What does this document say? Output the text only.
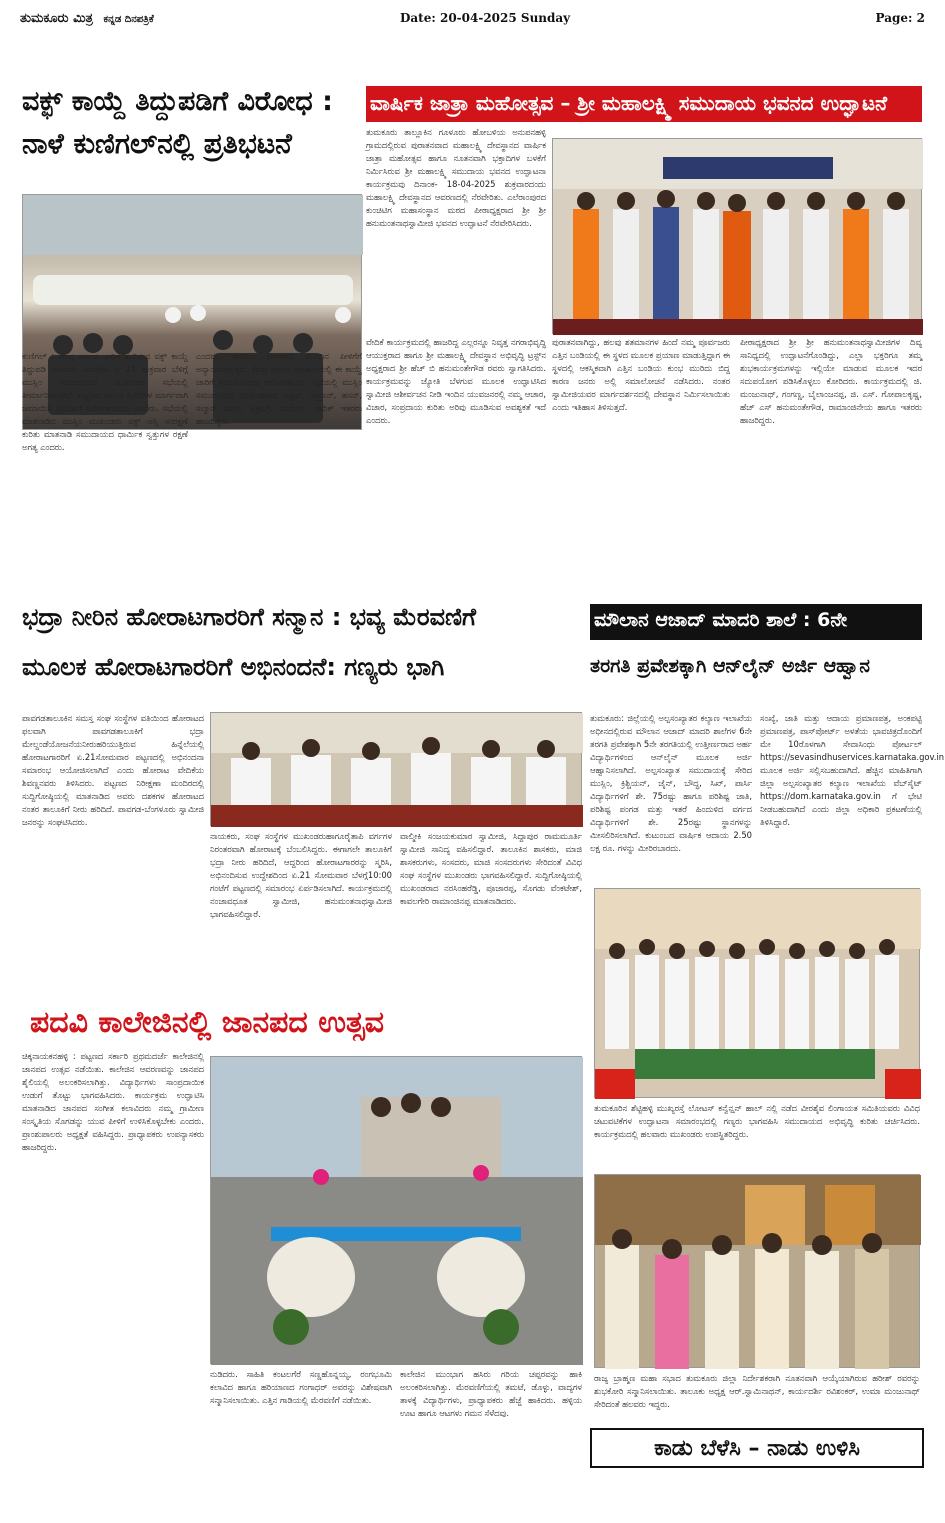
ತುಮಕೂರು ಮಿತ್ರ ಕನ್ನಡ ದಿನಪತ್ರಿಕೆ	Date: 20-04-2025 Sunday	Page: 2
ವಕ್ಫ್ ಕಾಯ್ದೆ ತಿದ್ದುಪಡಿಗೆ ವಿರೋಧ :
ನಾಳೆ ಕುಣಿಗಲ್‌ನಲ್ಲಿ ಪ್ರತಿಭಟನೆ
ಕುಣಿಗಲ್ : ಕೇಂದ್ರ ಸರ್ಕಾರ ಜಾರಿಗೆ ತಂದಿರುವ ವಕ್ಫ್ ಕಾಯ್ದೆ ತಿದ್ದುಪಡಿ ಮಸೂದೆ ವಿರೋಧಿಸಿ ಏ 21 ಶುಕ್ರವಾರ ಬೆಳಿಗ್ಗೆ ಮುಸ್ಲಿಂ ಸಮುದಾಯದ ಮುಖಂಡರ ಸಭೆಯಲ್ಲಿ ತೀರ್ಮಾನಿಸಲಾಗಿದೆ. ಪಟ್ಟಣದ ಸರ್ಕಾರಿ ಕಚೇರಿಗಳ ಮಾರ್ಗವಾಗಿ ಜಮಾಯಿಸಿ ಪ್ರತಿಭಟನೆ ನಡೆಸಲಾಗುವುದು ಎಂದರು. ಸಭೆಯಲ್ಲಿ ಮಾತನಾಡಿದ ಮುಸ್ಲಿಂ ಮುಖಂಡರು ವಕ್ಫ್ ಆಸ್ತಿ ಸಂರಕ್ಷಣೆ ಕುರಿತು ಮಾತನಾಡಿ ಸಮುದಾಯದ ಧಾರ್ಮಿಕ ಸ್ವತ್ತುಗಳ ರಕ್ಷಣೆ ಅಗತ್ಯ ಎಂದರು.
ಎಂದರು. ಇದರಿಂದ ಜನಾಂಗದ ಮುಂದಿನ ಪೀಳಿಗೆಗೆ ಅನ್ಯಾಯವಾಗುತ್ತದೆ. ಕೇಂದ್ರ ಸರ್ಕಾರ ತರಾತುರಿಯಲ್ಲಿ ಈ ಕಾಯ್ದೆ ಜಾರಿಗೆ ತಂದಿದೆ ಎಂದು ಆರೋಪಿಸಿದರು. ಸಭೆಯಲ್ಲಿ ಮುಸ್ಲಿಂ ಸಮುದಾಯದ ಮುಖಂಡರಾದ ಅನ್ವರ್, ಇಮ್ರಾನ್, ಹಸನ್, ಸಲ್ಮಾನ್ ಖಾನ್, ಅಕ್ರಮ್, ಮುಬೀನ್, ಸಾದಿಕ್ ಇತರರು ಹಾಜರಿದ್ದರು.
ವಾರ್ಷಿಕ ಜಾತ್ರಾ ಮಹೋತ್ಸವ – ಶ್ರೀ ಮಹಾಲಕ್ಷ್ಮಿ ಸಮುದಾಯ ಭವನದ ಉದ್ಘಾಟನೆ
ತುಮಕೂರು ತಾಲ್ಲೂಕಿನ ಗೂಳೂರು ಹೋಬಳಿಯ ಅನುಪನಹಳ್ಳಿ ಗ್ರಾಮದಲ್ಲಿರುವ ಪುರಾತನವಾದ ಮಹಾಲಕ್ಷ್ಮಿ ದೇವಸ್ಥಾನದ ವಾರ್ಷಿಕ ಜಾತ್ರಾ ಮಹೋತ್ಸವ ಹಾಗೂ ನೂತನವಾಗಿ ಭಕ್ತಾದಿಗಳ ಬಳಕೆಗೆ ನಿರ್ಮಿಸಿರುವ ಶ್ರೀ ಮಹಾಲಕ್ಷ್ಮಿ ಸಮುದಾಯ ಭವನದ ಉದ್ಘಾಟನಾ ಕಾರ್ಯಕ್ರಮವು ದಿನಾಂಕ- 18-04-2025 ಶುಕ್ರವಾರದಂದು ಮಹಾಲಕ್ಷ್ಮಿ ದೇವಸ್ಥಾನದ ಆವರಣದಲ್ಲಿ ನೆರವೇರಿತು. ಎಲೆರಾಂಪುರದ ಕುಂಚಿಟಿಗ ಮಹಾಸಂಸ್ಥಾನ ಮಠದ ಪೀಠಾಧ್ಯಕ್ಷರಾದ ಶ್ರೀ ಶ್ರೀ ಹನುಮಂತನಾಥಸ್ವಾಮೀಜಿ ಭವನದ ಉದ್ಘಾಟನೆ ನೆರವೇರಿಸಿದರು.
ವೇದಿಕೆ ಕಾರ್ಯಕ್ರಮದಲ್ಲಿ ಹಾಜರಿದ್ದ ಎಲ್ಲರನ್ನೂ ನಿವೃತ್ತ ನಗರಾಭಿವೃದ್ಧಿ ಆಯುಕ್ತರಾದ ಹಾಗೂ ಶ್ರೀ ಮಹಾಲಕ್ಷ್ಮಿ ದೇವಸ್ಥಾನ ಅಭಿವೃದ್ಧಿ ಟ್ರಸ್ಟ್‌ನ ಅಧ್ಯಕ್ಷರಾದ ಶ್ರೀ ಹೆಚ್ ಬಿ ಹನುಮಂತೇಗೌಡ ರವರು ಸ್ವಾಗತಿಸಿದರು. ಕಾರ್ಯಕ್ರಮವನ್ನು ಜ್ಯೋತಿ ಬೆಳಗುವ ಮೂಲಕ ಉದ್ಘಾಟಿಸಿದ ಸ್ವಾಮೀಜಿ ಆಶೀರ್ವಚನ ನೀಡಿ ಇಂದಿನ ಯುವಜನರಲ್ಲಿ ನಮ್ಮ ಆಚಾರ, ವಿಚಾರ, ಸಂಪ್ರದಾಯ ಕುರಿತು ಅರಿವು ಮೂಡಿಸುವ ಅವಶ್ಯಕತೆ ಇದೆ ಎಂದರು.
ಪುರಾತನವಾಗಿದ್ದು, ಹಲವು ಶತಮಾನಗಳ ಹಿಂದೆ ನಮ್ಮ ಪೂರ್ವಜರು ಎತ್ತಿನ ಬಂಡಿಯಲ್ಲಿ ಈ ಸ್ಥಳದ ಮೂಲಕ ಪ್ರಯಾಣ ಮಾಡುತ್ತಿದ್ದಾಗ ಈ ಸ್ಥಳದಲ್ಲಿ ಆಕಸ್ಮಿಕವಾಗಿ ಎತ್ತಿನ ಬಂಡಿಯ ಕುಂಭ ಮುರಿದು ಬಿದ್ದ ಕಾರಣ ಜನರು ಅಲ್ಲಿ ಸಮಾಲೋಚನೆ ನಡೆಸಿದರು. ನಂತರ ಸ್ವಾಮೀಜಿಯವರ ಮಾರ್ಗದರ್ಶನದಲ್ಲಿ ದೇವಸ್ಥಾನ ನಿರ್ಮಿಸಲಾಯಿತು ಎಂದು ಇತಿಹಾಸ ತಿಳಿಸುತ್ತದೆ.
ಪೀಠಾಧ್ಯಕ್ಷರಾದ ಶ್ರೀ ಶ್ರೀ ಹನುಮಂತನಾಥಸ್ವಾಮೀಜಿಗಳ ದಿವ್ಯ ಸಾನಿಧ್ಯದಲ್ಲಿ ಉದ್ಘಾಟನೆಗೊಂಡಿದ್ದು, ಎಲ್ಲಾ ಭಕ್ತರಿಗೂ ತಮ್ಮ ಶುಭಕಾರ್ಯಕ್ರಮಗಳನ್ನು ಇಲ್ಲಿಯೇ ಮಾಡುವ ಮೂಲಕ ಇದರ ಸದುಪಯೋಗ ಪಡಿಸಿಕೊಳ್ಳಲು ಕೋರಿದರು. ಕಾರ್ಯಕ್ರಮದಲ್ಲಿ ಜಿ. ಮಂಜುನಾಥ್, ಗಂಗಣ್ಣ, ಬೈಲಾಂಜನಪ್ಪ, ಜಿ. ಎಸ್. ಗೋಪಾಲಕೃಷ್ಣ, ಹೆಚ್ ಎಸ್ ಹನುಮಂತೇಗೌಡ, ರಾಮಾಂಜಿನೇಯ ಹಾಗೂ ಇತರರು ಹಾಜರಿದ್ದರು.
ಭದ್ರಾ ನೀರಿನ ಹೋರಾಟಗಾರರಿಗೆ ಸನ್ಮಾನ : ಭವ್ಯ ಮೆರವಣಿಗೆ
ಮೂಲಕ ಹೋರಾಟಗಾರರಿಗೆ ಅಭಿನಂದನೆ: ಗಣ್ಯರು ಭಾಗಿ
ಪಾವಗಡತಾಲೂಕಿನ ಸಮಸ್ತ ಸಂಘ ಸಂಸ್ಥೆಗಳ ವತಿಯಿಂದ ಹೋರಾಟದ ಫಲವಾಗಿ ಪಾವಗಡತಾಲೂಕಿಗೆ ಭದ್ರಾ ಮೇಲ್ದಂಡೆಯೋಜನೆಯನೀರುಹರಿಯುತ್ತಿರುವ ಹಿನ್ನೆಲೆಯಲ್ಲಿ ಹೋರಾಟಗಾರರಿಗೆ ಏ.21ಸೋಮವಾರ ಪಟ್ಟಣದಲ್ಲಿ ಅಭಿನಂದನಾ ಸಮಾರಂಭ ಆಯೋಜಿಸಲಾಗಿದೆ ಎಂದು ಹೋರಾಟ ವೇದಿಕೆಯ ಶಿವಣ್ಣನವರು ತಿಳಿಸಿದರು. ಪಟ್ಟಣದ ನಿರೀಕ್ಷಣಾ ಮಂದಿರದಲ್ಲಿ ಸುದ್ದಿಗೋಷ್ಠಿಯಲ್ಲಿ ಮಾತನಾಡಿದ ಅವರು ದಶಕಗಳ ಹೋರಾಟದ ನಂತರ ತಾಲೂಕಿಗೆ ನೀರು ಹರಿದಿದೆ. ಪಾವಗಡ-ಬೆಂಗಳೂರು ಸ್ವಾಮೀಜಿ ಜನರನ್ನು ಸಂಘಟಿಸಿದರು.
ನಾಯಕರು, ಸಂಘ ಸಂಸ್ಥೆಗಳ ಮುಖಂಡರುಹಾಗೂರೈತಾಪಿ ವರ್ಗಗಳ ನಿರಂತರವಾಗಿ ಹೋರಾಟಕ್ಕೆ ಬೆಂಬಲಿಸಿದ್ದರು. ಈಗಾಗಲೇ ತಾಲೂಕಿಗೆ ಭದ್ರಾ ನೀರು ಹರಿದಿದೆ, ಆದ್ದರಿಂದ ಹೋರಾಟಗಾರರನ್ನು ಸ್ಮರಿಸಿ, ಅಭಿನಂದಿಸುವ ಉದ್ದೇಶದಿಂದ ಏ.21 ಸೋಮವಾರ ಬೆಳಗ್ಗೆ10:00 ಗಂಟೆಗೆ ಪಟ್ಟಣದಲ್ಲಿ ಸಮಾರಂಭ ಏರ್ಪಡಿಸಲಾಗಿದೆ. ಕಾರ್ಯಕ್ರಮದಲ್ಲಿ ನಂಜಾವಧೂತ ಸ್ವಾಮೀಜಿ, ಹನುಮಂತನಾಥಸ್ವಾಮೀಜಿ ಭಾಗವಹಿಸಲಿದ್ದಾರೆ.
ವಾಲ್ಮೀಕಿ ಸಂಜಯಕುಮಾರ ಸ್ವಾಮೀಜಿ, ಸಿದ್ದಾಪುರ ರಾಮಮೂರ್ತಿ ಸ್ವಾಮೀಜಿ ಸಾನಿದ್ಯ ವಹಿಸಲಿದ್ದಾರೆ. ತಾಲೂಕಿನ ಶಾಸಕರು, ಮಾಜಿ ಶಾಸಕರುಗಳು, ಸಂಸದರು, ಮಾಜಿ ಸಂಸದರುಗಳು ಸೇರಿದಂತೆ ವಿವಿಧ ಸಂಘ ಸಂಸ್ಥೆಗಳ ಮುಖಂಡರು ಭಾಗವಹಿಸಲಿದ್ದಾರೆ. ಸುದ್ದಿಗೋಷ್ಠಿಯಲ್ಲಿ ಮುಖಂಡರಾದ ನರಸಿಂಹರೆಡ್ಡಿ, ಪೂಜಾರಪ್ಪ, ಸೊಗಡು ವೆಂಕಟೇಶ್, ಕಾವಲಗೇರಿ ರಾಮಾಂಜಿನಪ್ಪ ಮಾತನಾಡಿದರು.
ಮೌಲಾನ ಆಜಾದ್ ಮಾದರಿ ಶಾಲೆ : 6ನೇ
ತರಗತಿ ಪ್ರವೇಶಕ್ಕಾಗಿ ಆನ್‌ಲೈನ್ ಅರ್ಜಿ ಆಹ್ವಾನ
ತುಮಕೂರು: ಜಿಲ್ಲೆಯಲ್ಲಿ ಅಲ್ಪಸಂಖ್ಯಾತರ ಕಲ್ಯಾಣ ಇಲಾಖೆಯ ಅಧೀನದಲ್ಲಿರುವ ಮೌಲಾನ ಆಜಾದ್ ಮಾದರಿ ಶಾಲೆಗಳ 6ನೇ ತರಗತಿ ಪ್ರವೇಶಕ್ಕಾಗಿ 5ನೇ ತರಗತಿಯಲ್ಲಿ ಉತ್ತೀರ್ಣರಾದ ಅರ್ಹ ವಿದ್ಯಾರ್ಥಿಗಳಿಂದ ಆನ್‌ಲೈನ್ ಮೂಲಕ ಅರ್ಜಿ ಆಹ್ವಾನಿಸಲಾಗಿದೆ. ಅಲ್ಪಸಂಖ್ಯಾತ ಸಮುದಾಯಕ್ಕೆ ಸೇರಿದ ಮುಸ್ಲಿಂ, ಕ್ರಿಶ್ಚಿಯನ್, ಜೈನ್, ಬೌದ್ಧ, ಸಿಖ್, ಪಾರ್ಸಿ ವಿದ್ಯಾರ್ಥಿಗಳಿಗೆ ಶೇ. 75ರಷ್ಟು ಹಾಗೂ ಪರಿಶಿಷ್ಟ ಜಾತಿ, ಪರಿಶಿಷ್ಟ ಪಂಗಡ ಮತ್ತು ಇತರೆ ಹಿಂದುಳಿದ ವರ್ಗದ ವಿದ್ಯಾರ್ಥಿಗಳಿಗೆ ಶೇ. 25ರಷ್ಟು ಸ್ಥಾನಗಳನ್ನು ಮೀಸಲಿರಿಸಲಾಗಿದೆ. ಕುಟುಂಬದ ವಾರ್ಷಿಕ ಆದಾಯ 2.50 ಲಕ್ಷ ರೂ. ಗಳನ್ನು ಮೀರಿರಬಾರದು.
ಸಂಖ್ಯೆ, ಜಾತಿ ಮತ್ತು ಆದಾಯ ಪ್ರಮಾಣಪತ್ರ, ಅಂಕಪಟ್ಟಿ ಪ್ರಮಾಣಪತ್ರ, ಪಾಸ್‌ಪೋರ್ಟ್ ಅಳತೆಯ ಭಾವಚಿತ್ರದೊಂದಿಗೆ ಮೇ 10ರೊಳಗಾಗಿ ಸೇವಾಸಿಂಧು ಪೋರ್ಟಲ್ https://sevasindhuservices.karnataka.gov.in ಮೂಲಕ ಅರ್ಜಿ ಸಲ್ಲಿಸಬಹುದಾಗಿದೆ. ಹೆಚ್ಚಿನ ಮಾಹಿತಿಗಾಗಿ ಜಿಲ್ಲಾ ಅಲ್ಪಸಂಖ್ಯಾತರ ಕಲ್ಯಾಣ ಇಲಾಖೆಯ ವೆಬ್‌ಸೈಟ್ https://dom.karnataka.gov.in ಗೆ ಭೇಟಿ ನೀಡಬಹುದಾಗಿದೆ ಎಂದು ಜಿಲ್ಲಾ ಅಧಿಕಾರಿ ಪ್ರಕಟಣೆಯಲ್ಲಿ ತಿಳಿಸಿದ್ದಾರೆ.
ತುಮಕೂರಿನ ಶೆಟ್ಟಿಹಳ್ಳಿ ಮುಖ್ಯರಸ್ತೆ ಲೋಟಸ್ ಕನ್ವೆನ್ಷನ್ ಹಾಲ್ ನಲ್ಲಿ ನಡೆದ ವೀರಶೈವ ಲಿಂಗಾಯತ ಸಮಿತಿಯವರು ವಿವಿಧ ಚಟುವಟಿಕೆಗಳ ಉದ್ಘಾಟನಾ ಸಮಾರಂಭದಲ್ಲಿ ಗಣ್ಯರು ಭಾಗವಹಿಸಿ ಸಮುದಾಯದ ಅಭಿವೃದ್ಧಿ ಕುರಿತು ಚರ್ಚಿಸಿದರು. ಕಾರ್ಯಕ್ರಮದಲ್ಲಿ ಹಲವಾರು ಮುಖಂಡರು ಉಪಸ್ಥಿತರಿದ್ದರು.
ರಾಜ್ಯ ಬ್ರಾಹ್ಮಣ ಮಹಾ ಸಭಾದ ತುಮಕೂರು ಜಿಲ್ಲಾ ನಿರ್ದೇಶಕರಾಗಿ ನೂತನವಾಗಿ ಆಯ್ಕೆಯಾಗಿರುವ ಹರೀಶ್ ರವರನ್ನು ಶುಭಕೋರಿ ಸನ್ಮಾನಿಸಲಾಯಿತು. ತಾಲೂಕು ಅಧ್ಯಕ್ಷ ಆರ್.ಸ್ವಾಮಿನಾಥನ್, ಕಾರ್ಯದರ್ಶಿ ರವಿಶಂಕರ್, ಉಮಾ ಮಂಜುನಾಥ್ ಸೇರಿದಂತೆ ಹಲವರು ಇದ್ದರು.
ಕಾಡು ಬೆಳೆಸಿ – ನಾಡು ಉಳಿಸಿ
ಪದವಿ ಕಾಲೇಜಿನಲ್ಲಿ ಜಾನಪದ ಉತ್ಸವ
ಚಿಕ್ಕನಾಯಕನಹಳ್ಳಿ : ಪಟ್ಟಣದ ಸರ್ಕಾರಿ ಪ್ರಥಮದರ್ಜೆ ಕಾಲೇಜಿನಲ್ಲಿ ಜಾನಪದ ಉತ್ಸವ ನಡೆಯಿತು. ಕಾಲೇಜಿನ ಆವರಣವನ್ನು ಜಾನಪದ ಶೈಲಿಯಲ್ಲಿ ಅಲಂಕರಿಸಲಾಗಿತ್ತು. ವಿದ್ಯಾರ್ಥಿಗಳು ಸಾಂಪ್ರದಾಯಿಕ ಉಡುಗೆ ತೊಟ್ಟು ಭಾಗವಹಿಸಿದರು. ಕಾರ್ಯಕ್ರಮ ಉದ್ಘಾಟಿಸಿ ಮಾತನಾಡಿದ ಜಾನಪದ ಸಂಗೀತ ಕಲಾವಿದರು ನಮ್ಮ ಗ್ರಾಮೀಣ ಸಂಸ್ಕೃತಿಯ ಸೊಗಡನ್ನು ಯುವ ಪೀಳಿಗೆ ಉಳಿಸಿಕೊಳ್ಳಬೇಕು ಎಂದರು. ಪ್ರಾಂಶುಪಾಲರು ಅಧ್ಯಕ್ಷತೆ ವಹಿಸಿದ್ದರು. ಪ್ರಾಧ್ಯಾಪಕರು ಉಪನ್ಯಾಸಕರು ಹಾಜರಿದ್ದರು.
ನುಡಿದರು. ಸಾಹಿತಿ ಕಂಟಲಗೆರೆ ಸಣ್ಣಹೊನ್ನಯ್ಯ, ರಂಗಭೂಮಿ ಕಲಾವಿದ ಹಾಗೂ ಹರಿಯಾಣದ ಗಂಗಾಧರ್ ಅವರನ್ನು ವಿಶೇಷವಾಗಿ ಸನ್ಮಾನಿಸಲಾಯಿತು. ಎತ್ತಿನ ಗಾಡಿಯಲ್ಲಿ ಮೆರವಣಿಗೆ ನಡೆಯಿತು.
ಕಾಲೇಜಿನ ಮುಂಭಾಗ ಹಸಿರು ಗರಿಯ ಚಪ್ಪರವನ್ನು ಹಾಕಿ ಅಲಂಕರಿಸಲಾಗಿತ್ತು. ಮೆರವಣಿಗೆಯಲ್ಲಿ ತಮಟೆ, ಡೊಳ್ಳು, ವಾದ್ಯಗಳ ತಾಳಕ್ಕೆ ವಿದ್ಯಾರ್ಥಿಗಳು, ಪ್ರಾಧ್ಯಾಪಕರು ಹೆಜ್ಜೆ ಹಾಕಿದರು. ಹಳ್ಳಿಯ ಊಟ ಹಾಗೂ ಆಟಗಳು ಗಮನ ಸೆಳೆದವು.
